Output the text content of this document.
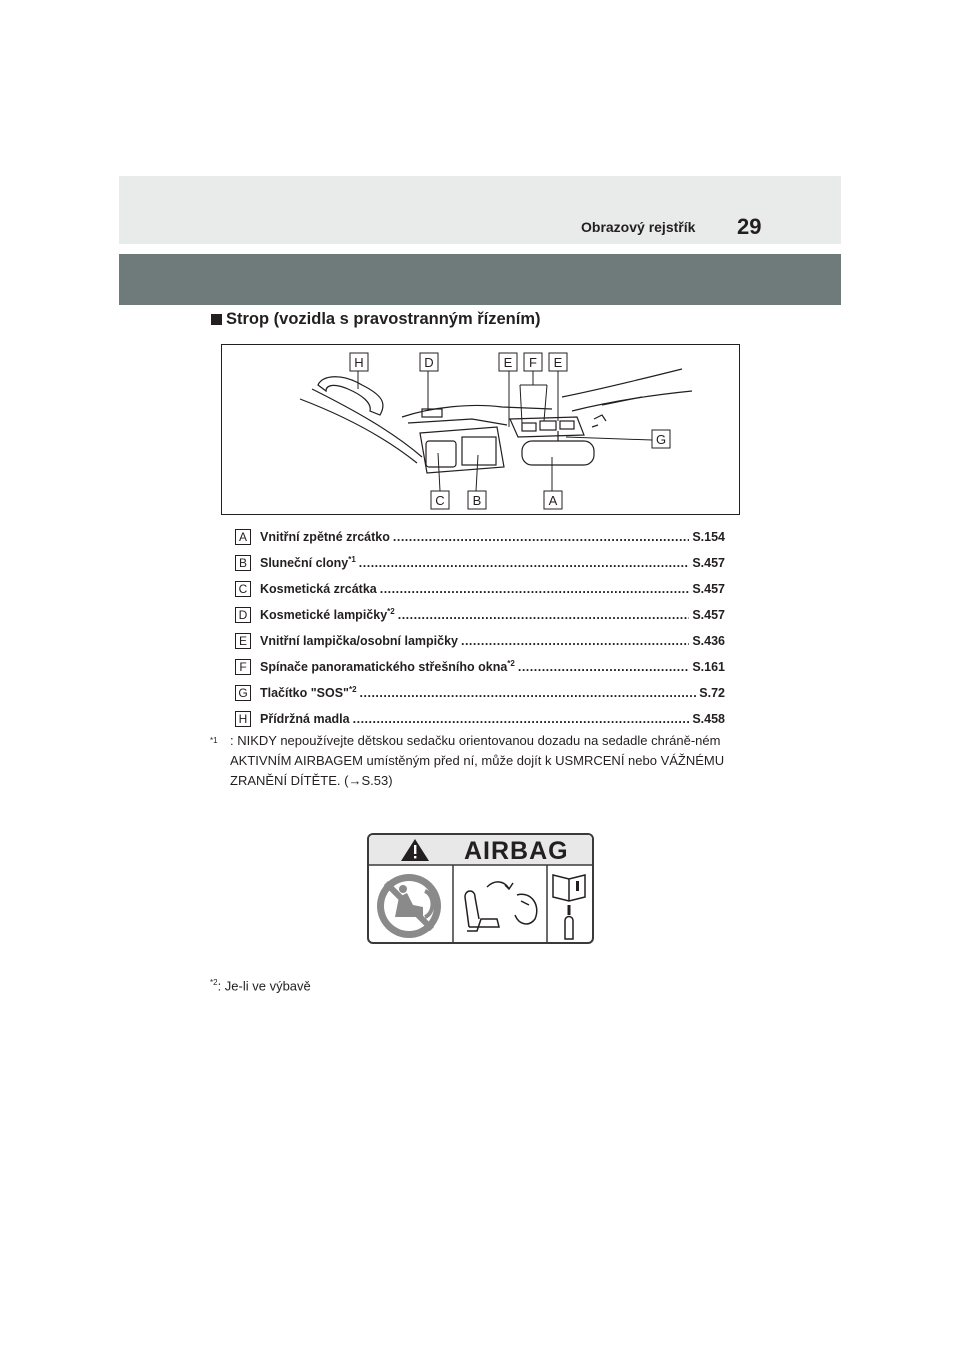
Obrazový rejstřík 29
Strop (vozidla s pravostranným řízením)
H	D	E F E
G
C B	A
A	Vnitřní zpětné zrcátko .....	S.154
B	Sluneční clony$^{*1}$ .....	S.457
C Kosmetická zrcátka .....	S.457
D Kosmetické lampičky$^{*2}$ .....	S.457
E	Vnitřní lampička/osobní lampičky .....	S.436
F	Spínače panoramatického střešního okna$^{*2}$ .....	S.161
G Tlačítko "SOS"$^{*2}$ .....	S.72
H Přídržná madla .....	S.458
$^{*1}$ : NIKDY nepoužívejte dětskou sedačku orientovanou dozadu na sedadle chráně-ném AKTIVNÍM AIRBAGEM umístěným před ní, může dojít k USMRCENÍ nebo VÁŽNÉMU ZRANĚNÍ DÍTĚTE. (→S.53)
AIRBAG
$^{*2}$: Je-li ve výbavě
